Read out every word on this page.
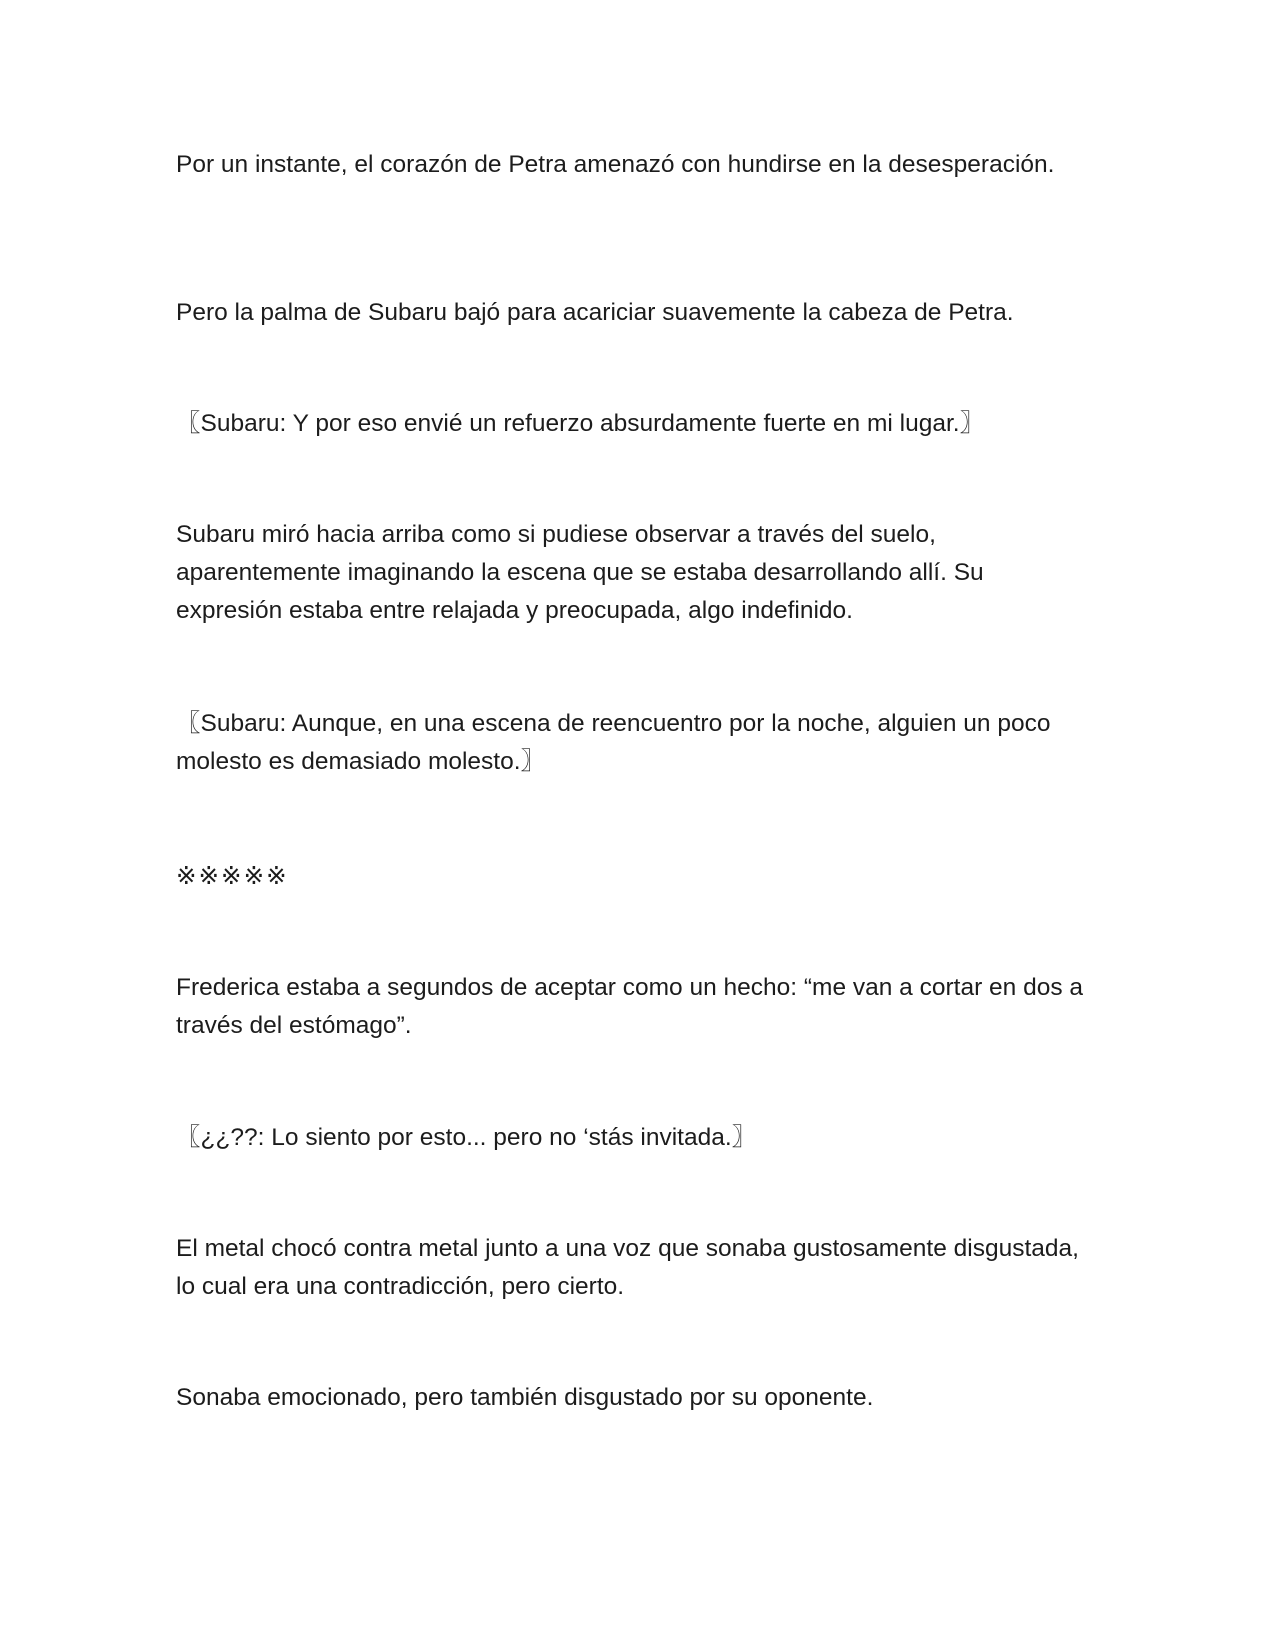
Por un instante, el corazón de Petra amenazó con hundirse en la desesperación.

Pero la palma de Subaru bajó para acariciar suavemente la cabeza de Petra.

〖Subaru: Y por eso envié un refuerzo absurdamente fuerte en mi lugar.〗

Subaru miró hacia arriba como si pudiese observar a través del suelo, aparentemente imaginando la escena que se estaba desarrollando allí. Su expresión estaba entre relajada y preocupada, algo indefinido.

〖Subaru: Aunque, en una escena de reencuentro por la noche, alguien un poco molesto es demasiado molesto.〗

※※※※※

Frederica estaba a segundos de aceptar como un hecho: “me van a cortar en dos a través del estómago”.

〖¿¿??: Lo siento por esto... pero no ‘stás invitada.〗

El metal chocó contra metal junto a una voz que sonaba gustosamente disgustada, lo cual era una contradicción, pero cierto.

Sonaba emocionado, pero también disgustado por su oponente.
